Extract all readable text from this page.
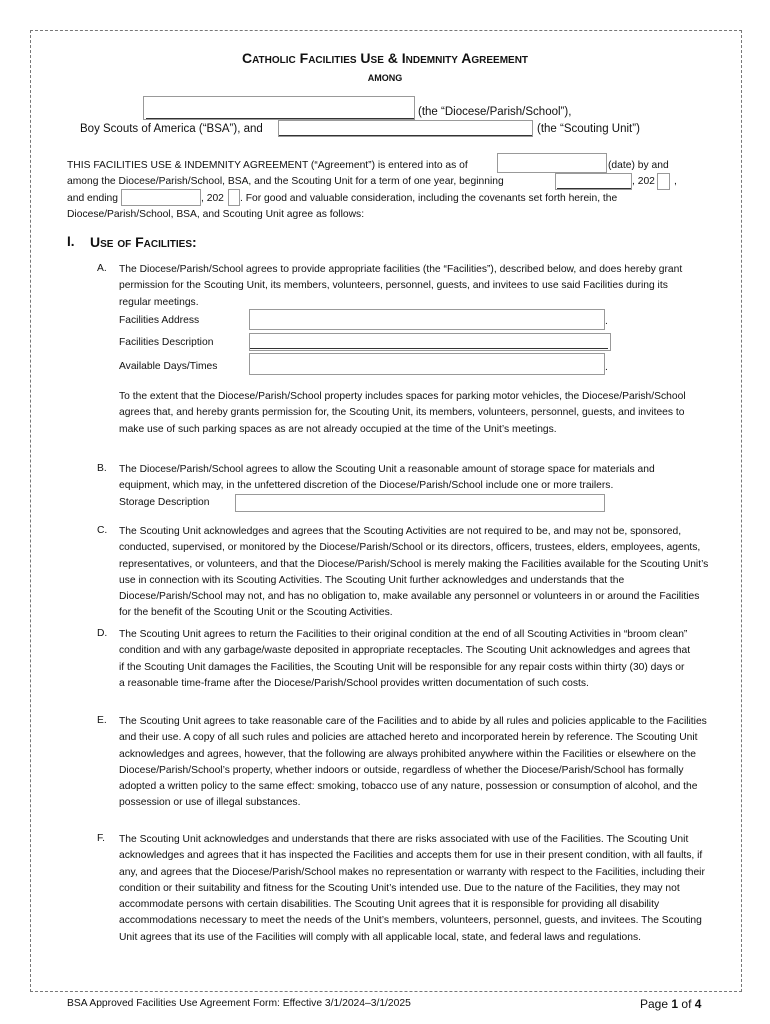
Catholic Facilities Use & Indemnity Agreement
AMONG
(the “Diocese/Parish/School”),
Boy Scouts of America (“BSA”), and	(the “Scouting Unit”)
THIS FACILITIES USE & INDEMNITY AGREEMENT (“Agreement”) is entered into as of	(date) by and
among the Diocese/Parish/School, BSA, and the Scouting Unit for a term of one year, beginning	, 202 ,
and ending	, 202 . For good and valuable consideration, including the covenants set forth herein, the
Diocese/Parish/School, BSA, and Scouting Unit agree as follows:
I. Use of Facilities:
A. The Diocese/Parish/School agrees to provide appropriate facilities (the “Facilities”), described below, and does hereby grant permission for the Scouting Unit, its members, volunteers, personnel, guests, and invitees to use said Facilities during its regular meetings.
Facilities Address	.
Facilities Description
Available Days/Times	.
To the extent that the Diocese/Parish/School property includes spaces for parking motor vehicles, the Diocese/Parish/School agrees that, and hereby grants permission for, the Scouting Unit, its members, volunteers, personnel, guests, and invitees to make use of such parking spaces as are not already occupied at the time of the Unit’s meetings.
B. The Diocese/Parish/School agrees to allow the Scouting Unit a reasonable amount of storage space for materials and equipment, which may, in the unfettered discretion of the Diocese/Parish/School include one or more trailers.
Storage Description
C. The Scouting Unit acknowledges and agrees that the Scouting Activities are not required to be, and may not be, sponsored, conducted, supervised, or monitored by the Diocese/Parish/School or its directors, officers, trustees, elders, employees, agents, representatives, or volunteers, and that the Diocese/Parish/School is merely making the Facilities available for the Scouting Unit’s use in connection with its Scouting Activities. The Scouting Unit further acknowledges and understands that the Diocese/Parish/School may not, and has no obligation to, make available any personnel or volunteers in or around the Facilities for the benefit of the Scouting Unit or the Scouting Activities.
D. The Scouting Unit agrees to return the Facilities to their original condition at the end of all Scouting Activities in “broom clean” condition and with any garbage/waste deposited in appropriate receptacles. The Scouting Unit acknowledges and agrees that if the Scouting Unit damages the Facilities, the Scouting Unit will be responsible for any repair costs within thirty (30) days or a reasonable time-frame after the Diocese/Parish/School provides written documentation of such costs.
E. The Scouting Unit agrees to take reasonable care of the Facilities and to abide by all rules and policies applicable to the Facilities and their use. A copy of all such rules and policies are attached hereto and incorporated herein by reference. The Scouting Unit acknowledges and agrees, however, that the following are always prohibited anywhere within the Facilities or elsewhere on the Diocese/Parish/School’s property, whether indoors or outside, regardless of whether the Diocese/Parish/School has formally adopted a written policy to the same effect: smoking, tobacco use of any nature, possession or consumption of alcohol, and the possession or use of illegal substances.
F. The Scouting Unit acknowledges and understands that there are risks associated with use of the Facilities. The Scouting Unit acknowledges and agrees that it has inspected the Facilities and accepts them for use in their present condition, with all faults, if any, and agrees that the Diocese/Parish/School makes no representation or warranty with respect to the Facilities, including their condition or their suitability and fitness for the Scouting Unit’s intended use. Due to the nature of the Facilities, they may not accommodate persons with certain disabilities. The Scouting Unit agrees that it is responsible for providing all disability accommodations necessary to meet the needs of the Unit’s members, volunteers, personnel, guests, and invitees. The Scouting Unit agrees that its use of the Facilities will comply with all applicable local, state, and federal laws and regulations.
BSA Approved Facilities Use Agreement Form: Effective 3/1/2024–3/1/2025	Page 1 of 4
